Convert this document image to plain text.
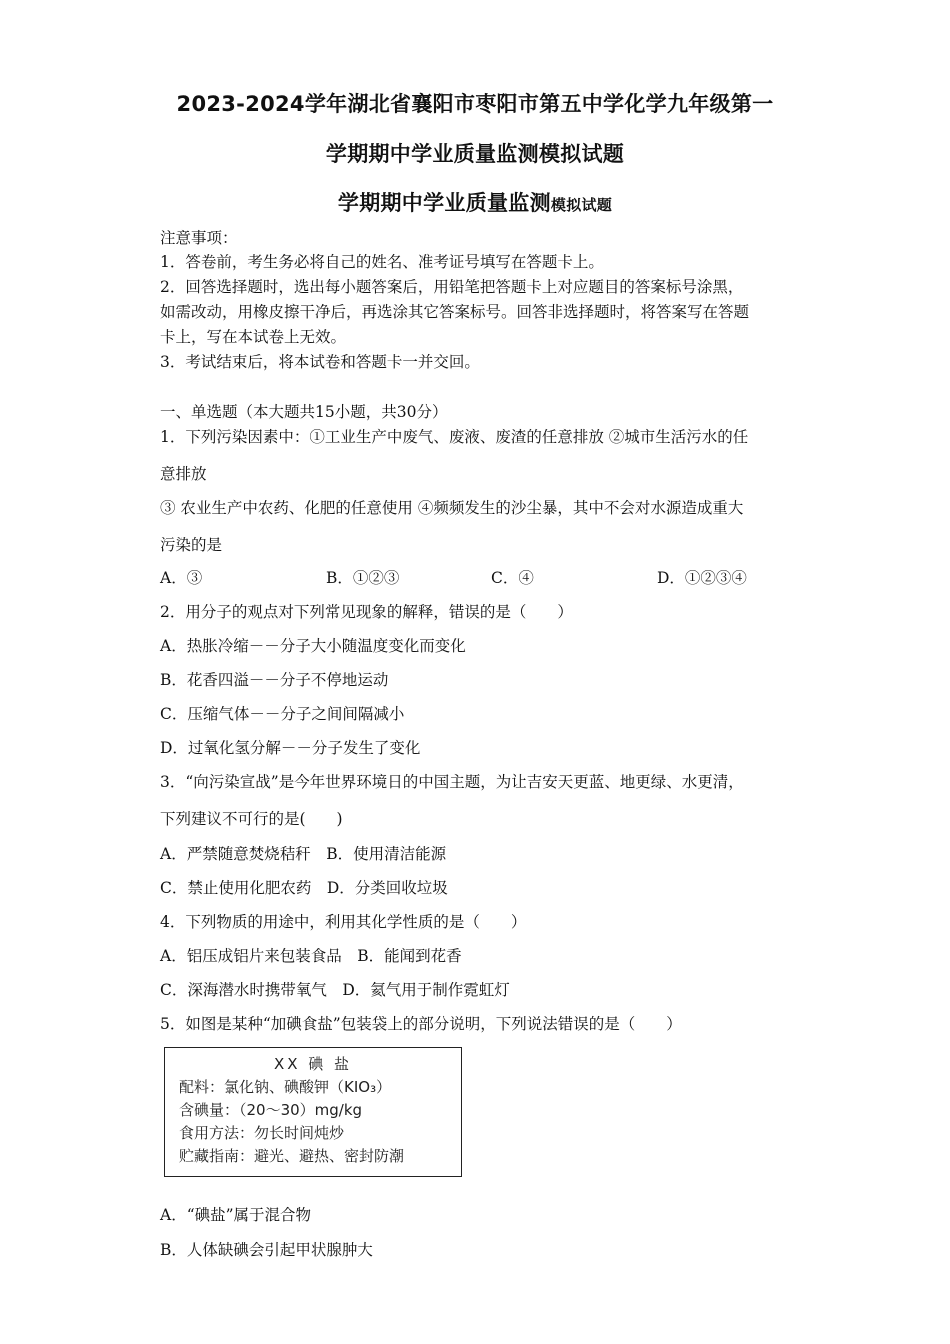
2023-2024学年湖北省襄阳市枣阳市第五中学化学九年级第一
学期期中学业质量监测模拟试题
学期期中学业质量监测模拟试题
注意事项：
1．答卷前，考生务必将自己的姓名、准考证号填写在答题卡上。
2．回答选择题时，选出每小题答案后，用铅笔把答题卡上对应题目的答案标号涂黑，
如需改动，用橡皮擦干净后，再选涂其它答案标号。回答非选择题时，将答案写在答题
卡上，写在本试卷上无效。
3．考试结束后，将本试卷和答题卡一并交回。
一、单选题（本大题共15小题，共30分）
1．下列污染因素中：①工业生产中废气、废液、废渣的任意排放 ②城市生活污水的任
意排放
③ 农业生产中农药、化肥的任意使用 ④频频发生的沙尘暴，其中不会对水源造成重大
污染的是
A．③	B．①②③	C．④	D．①②③④
2．用分子的观点对下列常见现象的解释，错误的是（　　）
A．热胀冷缩－－分子大小随温度变化而变化
B．花香四溢－－分子不停地运动
C．压缩气体－－分子之间间隔减小
D．过氧化氢分解－－分子发生了变化
3．“向污染宣战”是今年世界环境日的中国主题，为让吉安天更蓝、地更绿、水更清，
下列建议不可行的是(　　)
A．严禁随意焚烧秸秆　B．使用清洁能源
C．禁止使用化肥农药　D．分类回收垃圾
4．下列物质的用途中，利用其化学性质的是（　　）
A．铝压成铝片来包装食品　B．能闻到花香
C．深海潜水时携带氧气　D．氦气用于制作霓虹灯
5．如图是某种“加碘食盐”包装袋上的部分说明，下列说法错误的是（　　）
XX 碘 盐
配料：氯化钠、碘酸钾（KIO₃）
含碘量：（20～30）mg/kg
食用方法：勿长时间炖炒
贮藏指南：避光、避热、密封防潮
A．“碘盐”属于混合物
B．人体缺碘会引起甲状腺肿大
